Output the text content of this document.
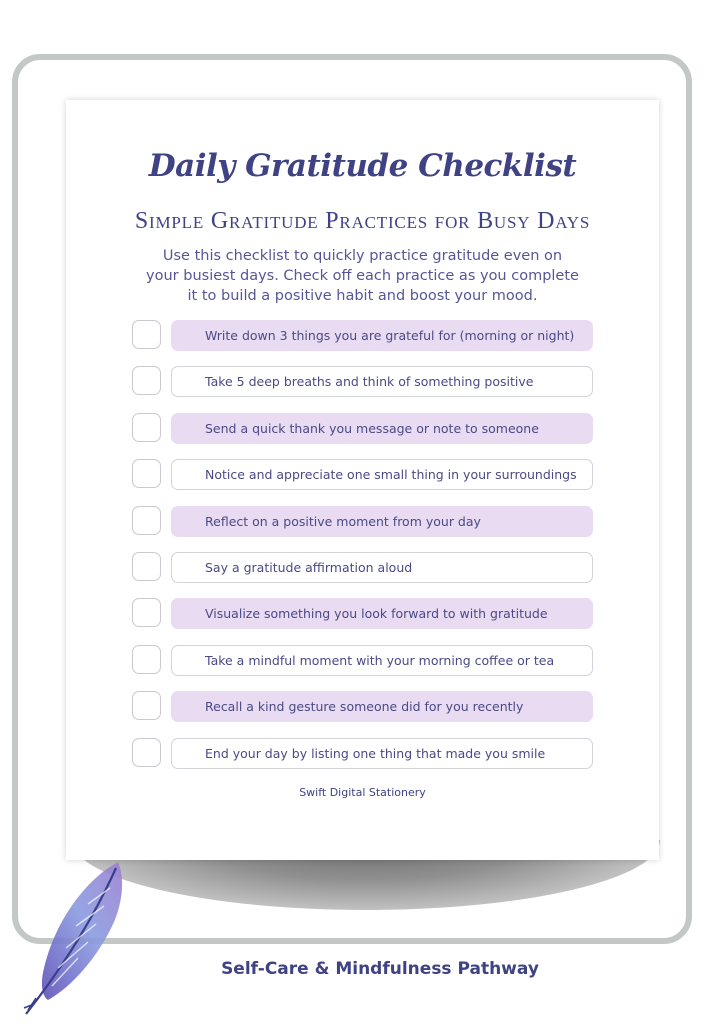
Daily Gratitude Checklist
Simple Gratitude Practices for Busy Days
Use this checklist to quickly practice gratitude even on your busiest days. Check off each practice as you complete it to build a positive habit and boost your mood.
Write down 3 things you are grateful for (morning or night)
Take 5 deep breaths and think of something positive
Send a quick thank you message or note to someone
Notice and appreciate one small thing in your surroundings
Reflect on a positive moment from your day
Say a gratitude affirmation aloud
Visualize something you look forward to with gratitude
Take a mindful moment with your morning coffee or tea
Recall a kind gesture someone did for you recently
End your day by listing one thing that made you smile
Swift Digital Stationery
Self-Care & Mindfulness Pathway
